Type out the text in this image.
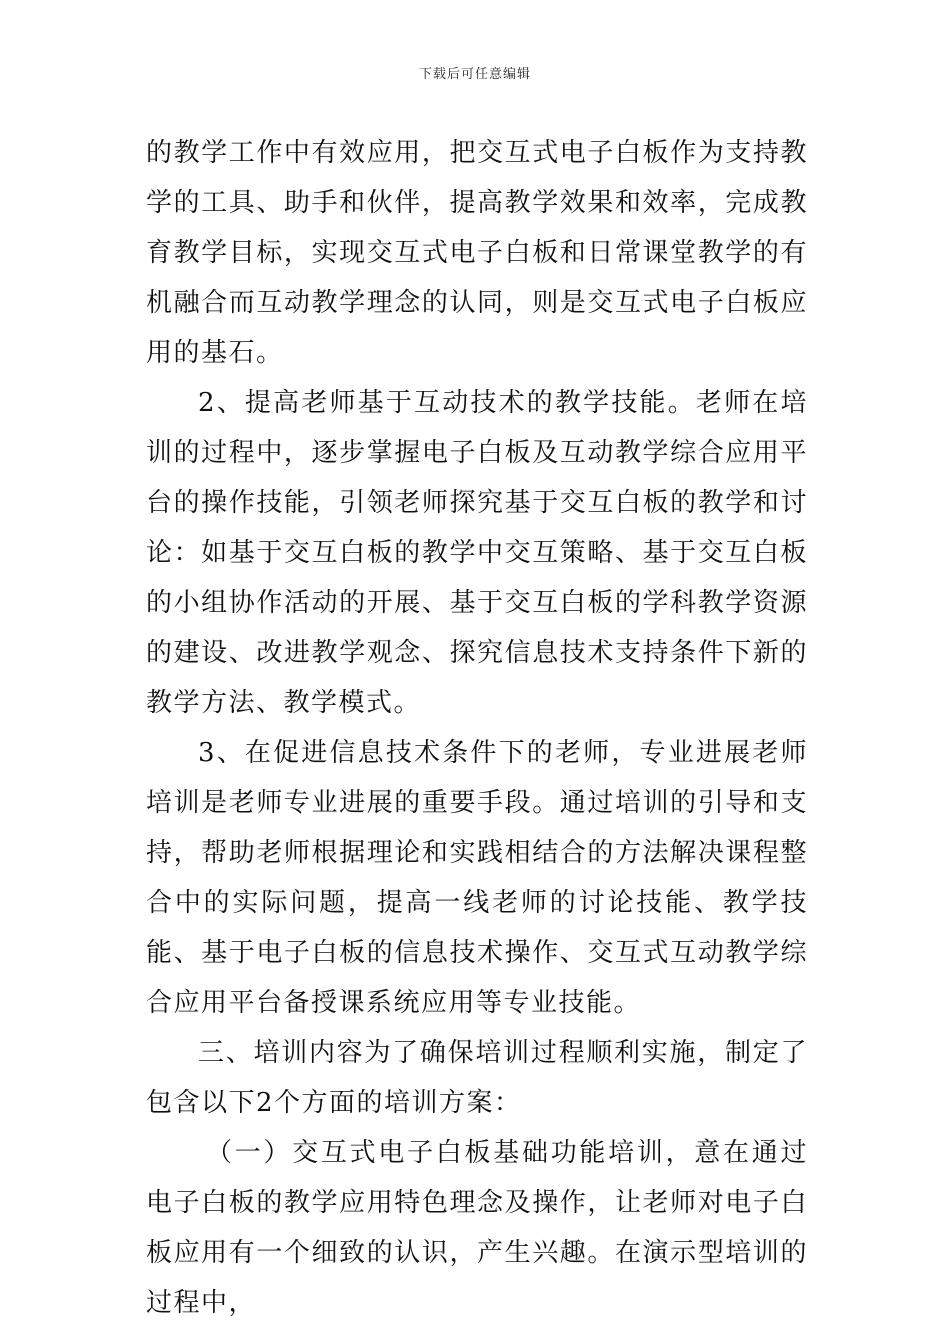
下载后可任意编辑

的教学工作中有效应用，把交互式电子白板作为支持教学的工具、助手和伙伴，提高教学效果和效率，完成教育教学目标，实现交互式电子白板和日常课堂教学的有机融合而互动教学理念的认同，则是交互式电子白板应用的基石。

2、提高老师基于互动技术的教学技能。老师在培训的过程中，逐步掌握电子白板及互动教学综合应用平台的操作技能，引领老师探究基于交互白板的教学和讨论：如基于交互白板的教学中交互策略、基于交互白板的小组协作活动的开展、基于交互白板的学科教学资源的建设、改进教学观念、探究信息技术支持条件下新的教学方法、教学模式。

3、在促进信息技术条件下的老师，专业进展老师培训是老师专业进展的重要手段。通过培训的引导和支持，帮助老师根据理论和实践相结合的方法解决课程整合中的实际问题，提高一线老师的讨论技能、教学技能、基于电子白板的信息技术操作、交互式互动教学综合应用平台备授课系统应用等专业技能。

三、培训内容为了确保培训过程顺利实施，制定了包含以下2个方面的培训方案：

（一）交互式电子白板基础功能培训，意在通过电子白板的教学应用特色理念及操作，让老师对电子白板应用有一个细致的认识，产生兴趣。在演示型培训的过程中，
